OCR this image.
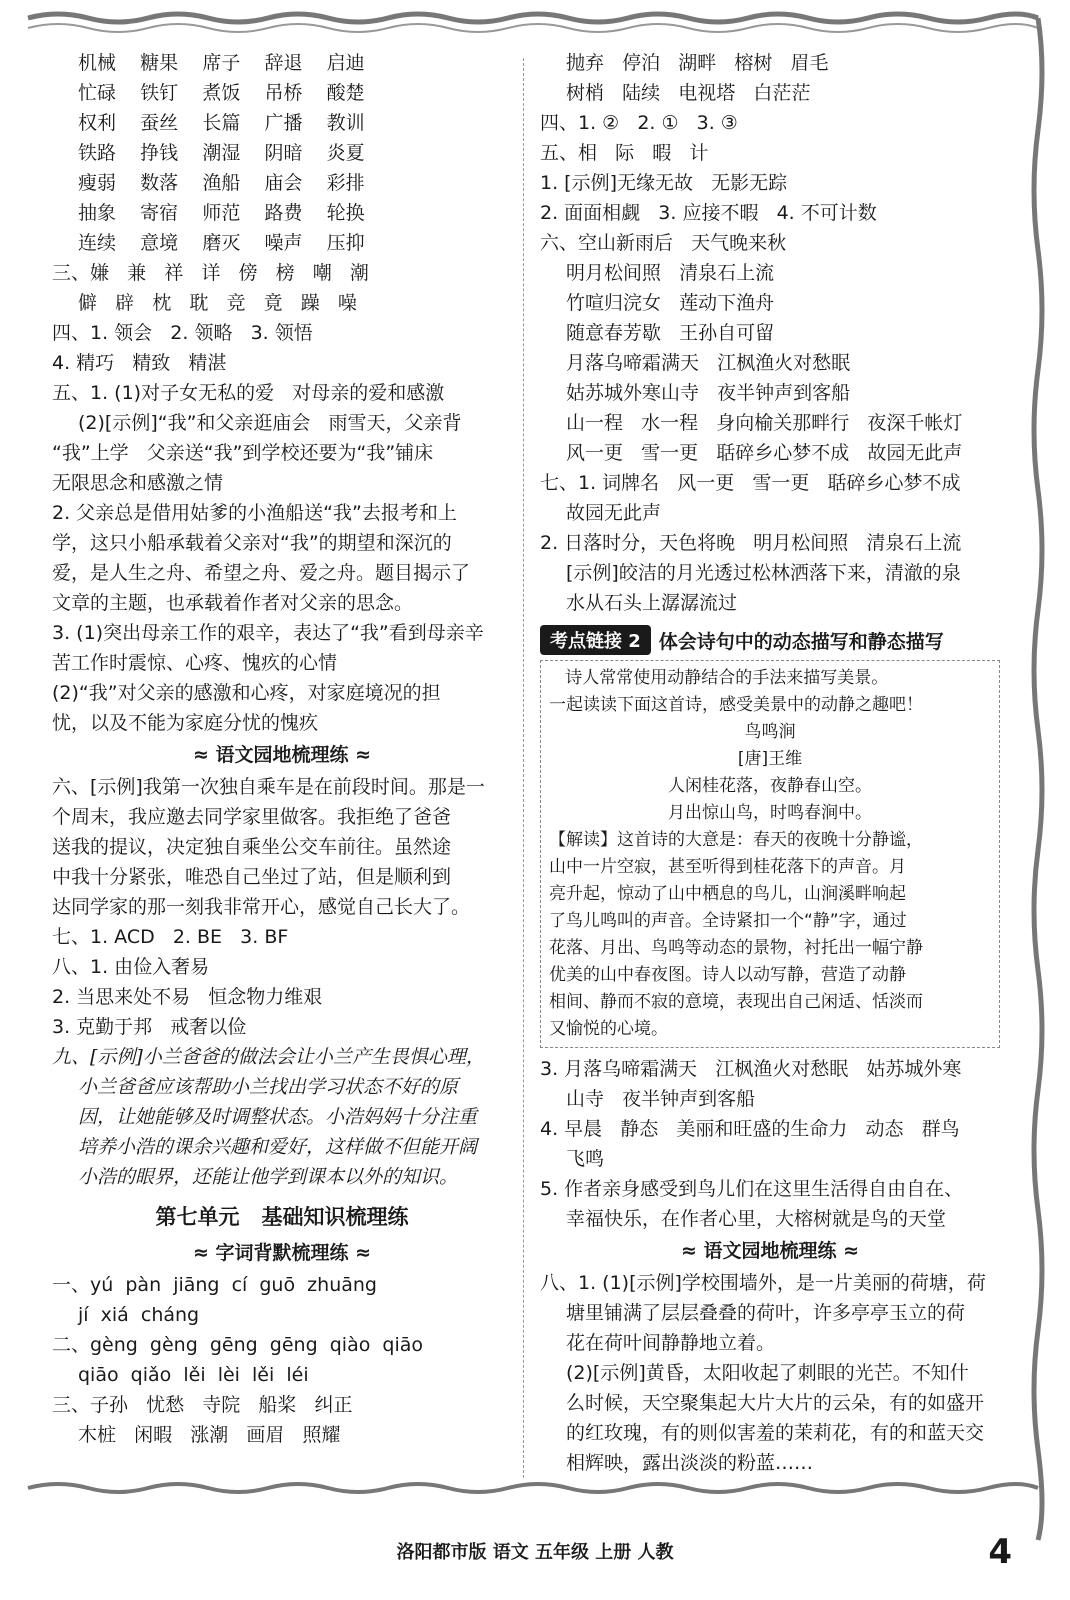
机械    糖果    席子    辞退    启迪
忙碌    铁钉    煮饭    吊桥    酸楚
权利    蚕丝    长篇    广播    教训
铁路    挣钱    潮湿    阴暗    炎夏
瘦弱    数落    渔船    庙会    彩排
抽象    寄宿    师范    路费    轮换
连续    意境    磨灭    噪声    压抑
三、嫌   兼   祥   详   傍   榜   嘲   潮
僻   辟   枕   耽   竞   竟   躁   噪
四、1. 领会   2. 领略   3. 领悟
4. 精巧   精致   精湛
五、1. (1)对子女无私的爱   对母亲的爱和感激
(2)[示例]“我”和父亲逛庙会   雨雪天，父亲背
“我”上学   父亲送“我”到学校还要为“我”铺床
无限思念和感激之情
2. 父亲总是借用姑爹的小渔船送“我”去报考和上
学，这只小船承载着父亲对“我”的期望和深沉的
爱，是人生之舟、希望之舟、爱之舟。题目揭示了
文章的主题，也承载着作者对父亲的思念。
3. (1)突出母亲工作的艰辛，表达了“我”看到母亲辛
苦工作时震惊、心疼、愧疚的心情
(2)“我”对父亲的感激和心疼，对家庭境况的担
忧，以及不能为家庭分忧的愧疚
≈ 语文园地梳理练 ≈
六、[示例]我第一次独自乘车是在前段时间。那是一
个周末，我应邀去同学家里做客。我拒绝了爸爸
送我的提议，决定独自乘坐公交车前往。虽然途
中我十分紧张，唯恐自己坐过了站，但是顺利到
达同学家的那一刻我非常开心，感觉自己长大了。
七、1. ACD   2. BE   3. BF
八、1. 由俭入奢易
2. 当思来处不易   恒念物力维艰
3. 克勤于邦   戒奢以俭
九、[示例]小兰爸爸的做法会让小兰产生畏惧心理，
小兰爸爸应该帮助小兰找出学习状态不好的原
因，让她能够及时调整状态。小浩妈妈十分注重
培养小浩的课余兴趣和爱好，这样做不但能开阔
小浩的眼界，还能让他学到课本以外的知识。
第七单元   基础知识梳理练
≈ 字词背默梳理练 ≈
一、yú  pàn  jiāng  cí  guō  zhuāng
jí  xiá  cháng
二、gèng  gèng  gēng  gēng  qiào  qiāo
qiāo  qiǎo  lěi  lèi  lěi  léi
三、子孙   忧愁   寺院   船桨   纠正
木桩   闲暇   涨潮   画眉   照耀
抛弃   停泊   湖畔   榕树   眉毛
树梢   陆续   电视塔   白茫茫
四、1. ②   2. ①   3. ③
五、相   际   暇   计
1. [示例]无缘无故   无影无踪
2. 面面相觑   3. 应接不暇   4. 不可计数
六、空山新雨后   天气晚来秋
明月松间照   清泉石上流
竹喧归浣女   莲动下渔舟
随意春芳歇   王孙自可留
月落乌啼霜满天   江枫渔火对愁眠
姑苏城外寒山寺   夜半钟声到客船
山一程   水一程   身向榆关那畔行   夜深千帐灯
风一更   雪一更   聒碎乡心梦不成   故园无此声
七、1. 词牌名   风一更   雪一更   聒碎乡心梦不成
故园无此声
2. 日落时分，天色将晚   明月松间照   清泉石上流
[示例]皎洁的月光透过松林洒落下来，清澈的泉
水从石头上潺潺流过
考点链接 2 体会诗句中的动态描写和静态描写
诗人常常使用动静结合的手法来描写美景。
一起读读下面这首诗，感受美景中的动静之趣吧！
鸟鸣涧
[唐]王维
人闲桂花落，夜静春山空。
月出惊山鸟，时鸣春涧中。
【解读】这首诗的大意是：春天的夜晚十分静谧，
山中一片空寂，甚至听得到桂花落下的声音。月
亮升起，惊动了山中栖息的鸟儿，山涧溪畔响起
了鸟儿鸣叫的声音。全诗紧扣一个“静”字，通过
花落、月出、鸟鸣等动态的景物，衬托出一幅宁静
优美的山中春夜图。诗人以动写静，营造了动静
相间、静而不寂的意境，表现出自己闲适、恬淡而
又愉悦的心境。
3. 月落乌啼霜满天   江枫渔火对愁眠   姑苏城外寒
山寺   夜半钟声到客船
4. 早晨   静态   美丽和旺盛的生命力   动态   群鸟
飞鸣
5. 作者亲身感受到鸟儿们在这里生活得自由自在、
幸福快乐，在作者心里，大榕树就是鸟的天堂
≈ 语文园地梳理练 ≈
八、1. (1)[示例]学校围墙外，是一片美丽的荷塘，荷
塘里铺满了层层叠叠的荷叶，许多亭亭玉立的荷
花在荷叶间静静地立着。
(2)[示例]黄昏，太阳收起了刺眼的光芒。不知什
么时候，天空聚集起大片大片的云朵，有的如盛开
的红玫瑰，有的则似害羞的茉莉花，有的和蓝天交
相辉映，露出淡淡的粉蓝……
洛阳都市版 语文 五年级 上册 人教	4
